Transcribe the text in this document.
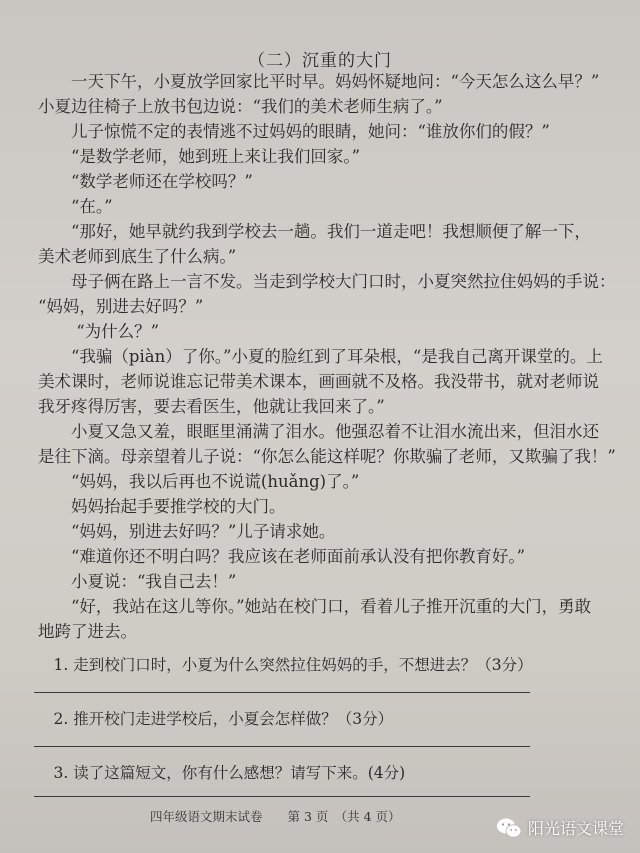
（二）沉重的大门
　　一天下午，小夏放学回家比平时早。妈妈怀疑地问：“今天怎么这么早？”
小夏边往椅子上放书包边说：“我们的美术老师生病了。”
　　儿子惊慌不定的表情逃不过妈妈的眼睛，她问：“谁放你们的假？”
　　“是数学老师，她到班上来让我们回家。”
　　“数学老师还在学校吗？”
　　“在。”
　　“那好，她早就约我到学校去一趟。我们一道走吧！我想顺便了解一下，
美术老师到底生了什么病。”
　　母子俩在路上一言不发。当走到学校大门口时，小夏突然拉住妈妈的手说：
“妈妈，别进去好吗？”
　　 “为什么？”
　　“我骗（piàn）了你。”小夏的脸红到了耳朵根，“是我自己离开课堂的。上
美术课时，老师说谁忘记带美术课本，画画就不及格。我没带书，就对老师说
我牙疼得厉害，要去看医生，他就让我回来了。”
　　小夏又急又羞，眼眶里涌满了泪水。他强忍着不让泪水流出来，但泪水还
是往下滴。母亲望着儿子说：“你怎么能这样呢？你欺骗了老师，又欺骗了我！”
　　“妈妈，我以后再也不说谎(huǎng)了。”
　　妈妈抬起手要推学校的大门。
　　“妈妈，别进去好吗？”儿子请求她。
　　“难道你还不明白吗？我应该在老师面前承认没有把你教育好。”
　　小夏说：“我自己去！”
　　“好，我站在这儿等你。”她站在校门口，看着儿子推开沉重的大门，勇敢
地跨了进去。
　1. 走到校门口时，小夏为什么突然拉住妈妈的手，不想进去？（3分）
　2. 推开校门走进学校后，小夏会怎样做？（3分）
　3. 读了这篇短文，你有什么感想？请写下来。(4分)
四年级语文期末试卷　　第 3 页　（共 4 页）
阳光语文课堂
